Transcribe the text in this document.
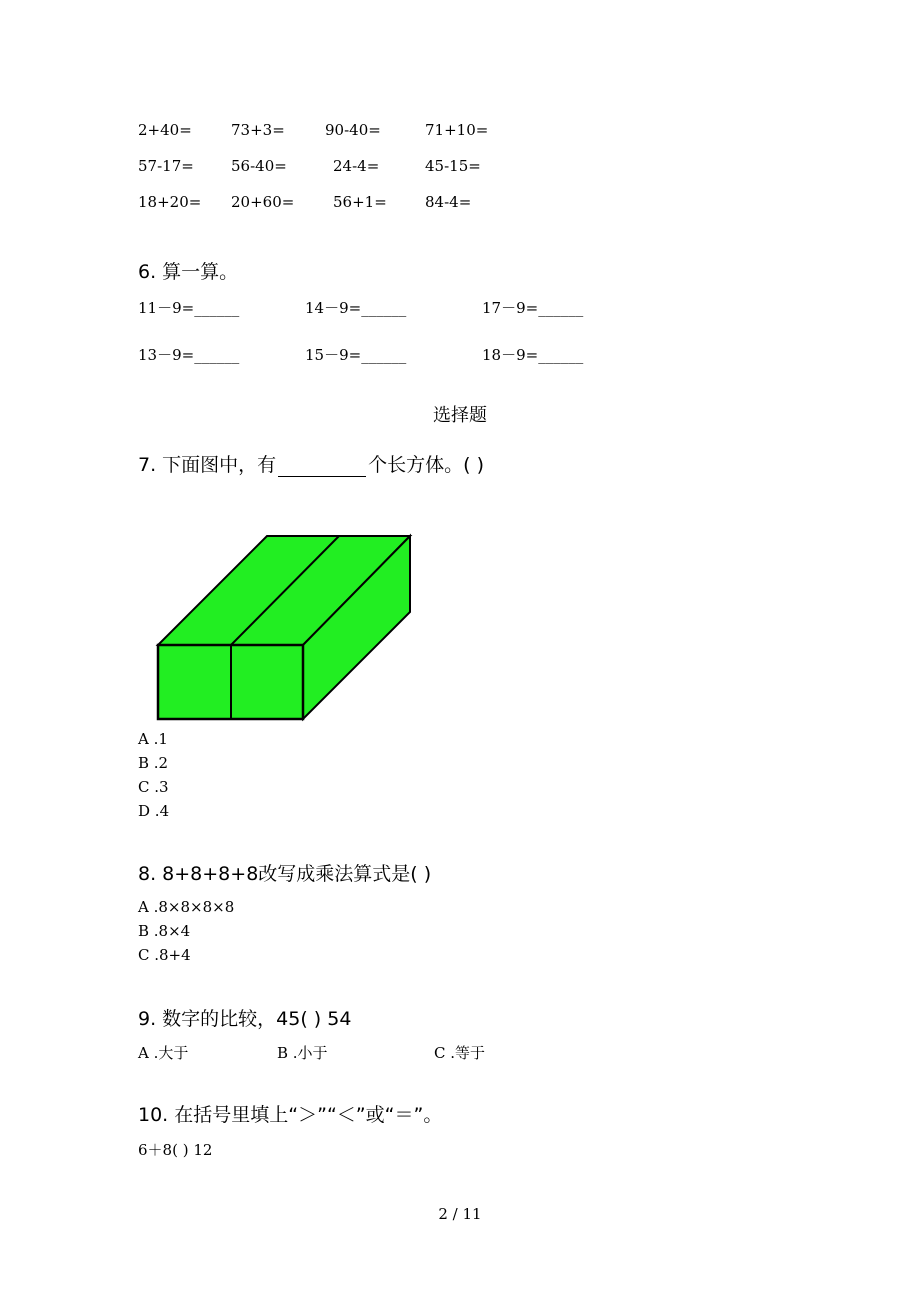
2+40=	73+3=	90-40=	71+10=
57-17= 56-40=	24-4=	45-15=
18+20= 20+60=	56+1=	84-4=
6. 算一算。
11－9=______	14－9=______	17－9=______
13－9=______	15－9=______	18－9=______
选择题
7. 下面图中，有	个长方体。( )
A .1
B .2
C .3
D .4
8. 8+8+8+8改写成乘法算式是( )
A .8×8×8×8
B .8×4
C .8+4
9. 数字的比较，45( ) 54
A .大于	B .小于	C .等于
10. 在括号里填上“＞”“＜”或“＝”。
6＋8( ) 12
2 / 11
